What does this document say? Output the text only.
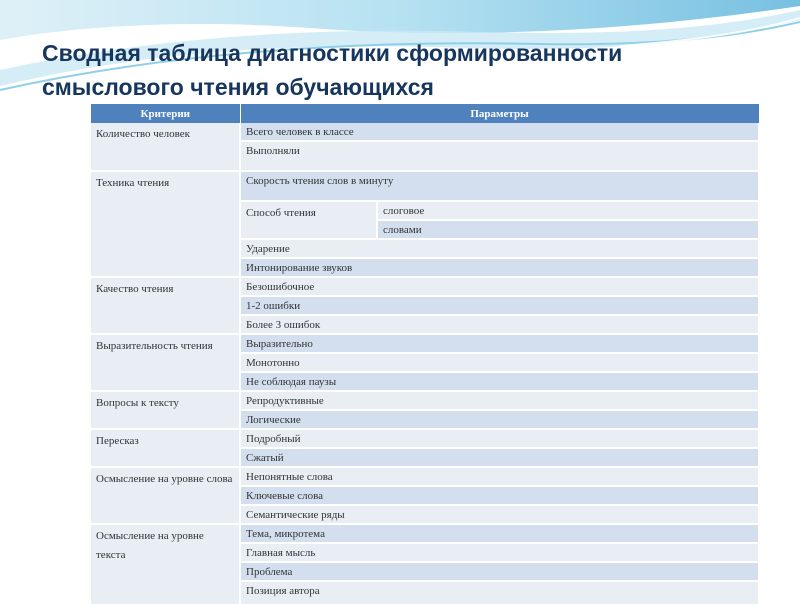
Сводная таблица диагностики сформированности
смыслового чтения обучающихся
Критерии	Параметры	
Количество человек	Всего человек в классе	
	Выполняли	
Техника чтения	Скорость чтения слов в минуту	
	Способ чтения	слоговое
		словами
	Ударение	
	Интонирование звуков	
Качество чтения	Безошибочное	
	1-2 ошибки	
	Более 3 ошибок	
Выразительность чтения	Выразительно	
	Монотонно	
	Не соблюдая паузы	
Вопросы к тексту	Репродуктивные	
	Логические	
Пересказ	Подробный	
	Сжатый	
Осмысление на уровне слова	Непонятные слова	
	Ключевые слова	
	Семантические ряды	
Осмысление на уровне текста	Тема, микротема	
	Главная мысль	
	Проблема	
	Позиция автора	
